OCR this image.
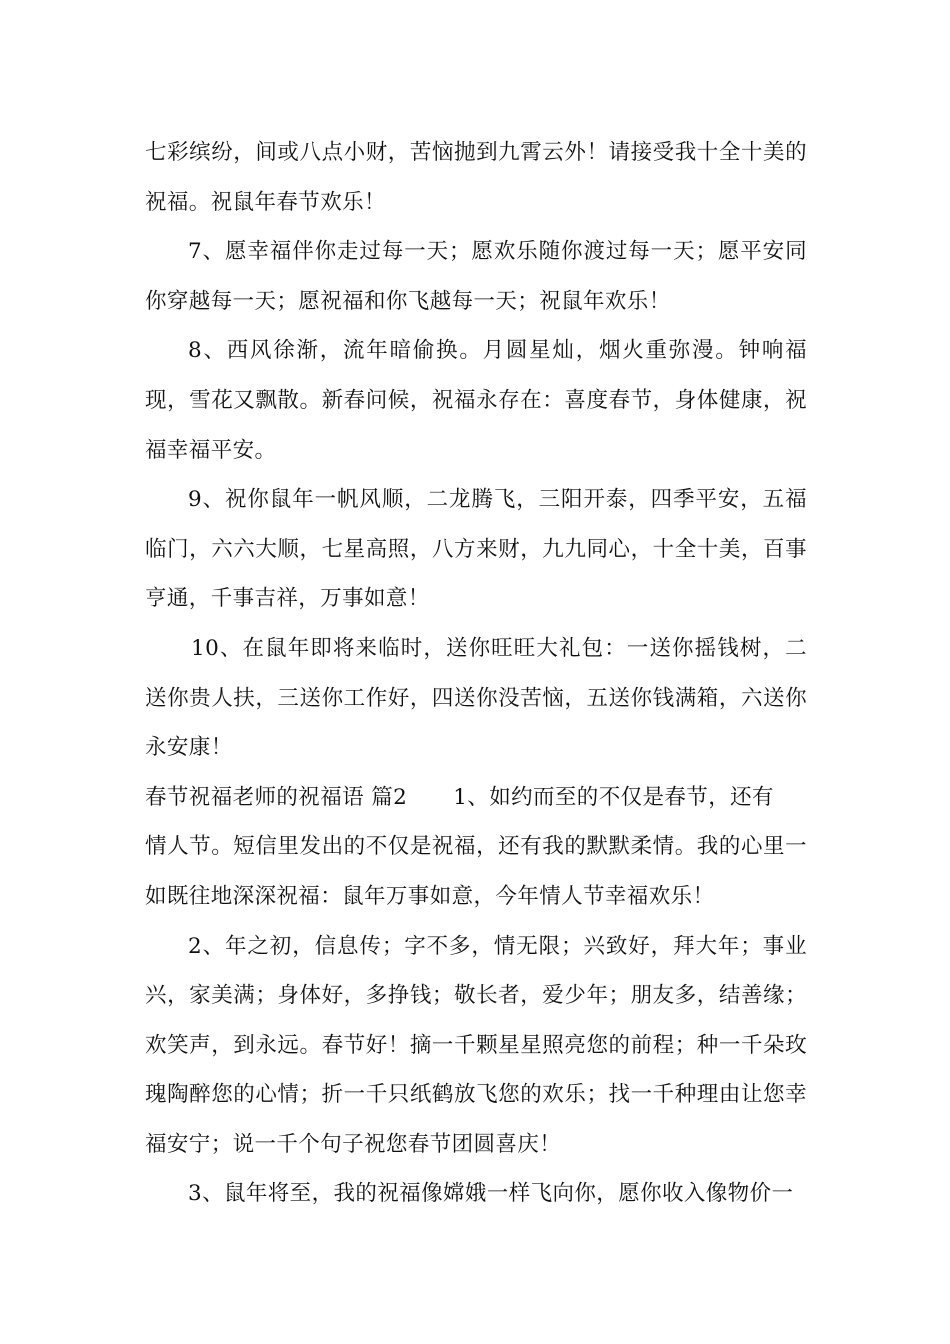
七彩缤纷，间或八点小财，苦恼抛到九霄云外！请接受我十全十美的祝福。祝鼠年春节欢乐！

7、愿幸福伴你走过每一天；愿欢乐随你渡过每一天；愿平安同你穿越每一天；愿祝福和你飞越每一天；祝鼠年欢乐！

8、西风徐渐，流年暗偷换。月圆星灿，烟火重弥漫。钟响福现，雪花又飘散。新春问候，祝福永存在：喜度春节，身体健康，祝福幸福平安。

9、祝你鼠年一帆风顺，二龙腾飞，三阳开泰，四季平安，五福临门，六六大顺，七星高照，八方来财，九九同心，十全十美，百事亨通，千事吉祥，万事如意！

10、在鼠年即将来临时，送你旺旺大礼包：一送你摇钱树，二送你贵人扶，三送你工作好，四送你没苦恼，五送你钱满箱，六送你永安康！

春节祝福老师的祝福语 篇2 1、如约而至的不仅是春节，还有

情人节。短信里发出的不仅是祝福，还有我的默默柔情。我的心里一如既往地深深祝福：鼠年万事如意，今年情人节幸福欢乐！

2、年之初，信息传；字不多，情无限；兴致好，拜大年；事业兴，家美满；身体好，多挣钱；敬长者，爱少年；朋友多，结善缘；欢笑声，到永远。春节好！摘一千颗星星照亮您的前程；种一千朵玫瑰陶醉您的心情；折一千只纸鹤放飞您的欢乐；找一千种理由让您幸福安宁；说一千个句子祝您春节团圆喜庆！

3、鼠年将至，我的祝福像嫦娥一样飞向你，愿你收入像物价一
